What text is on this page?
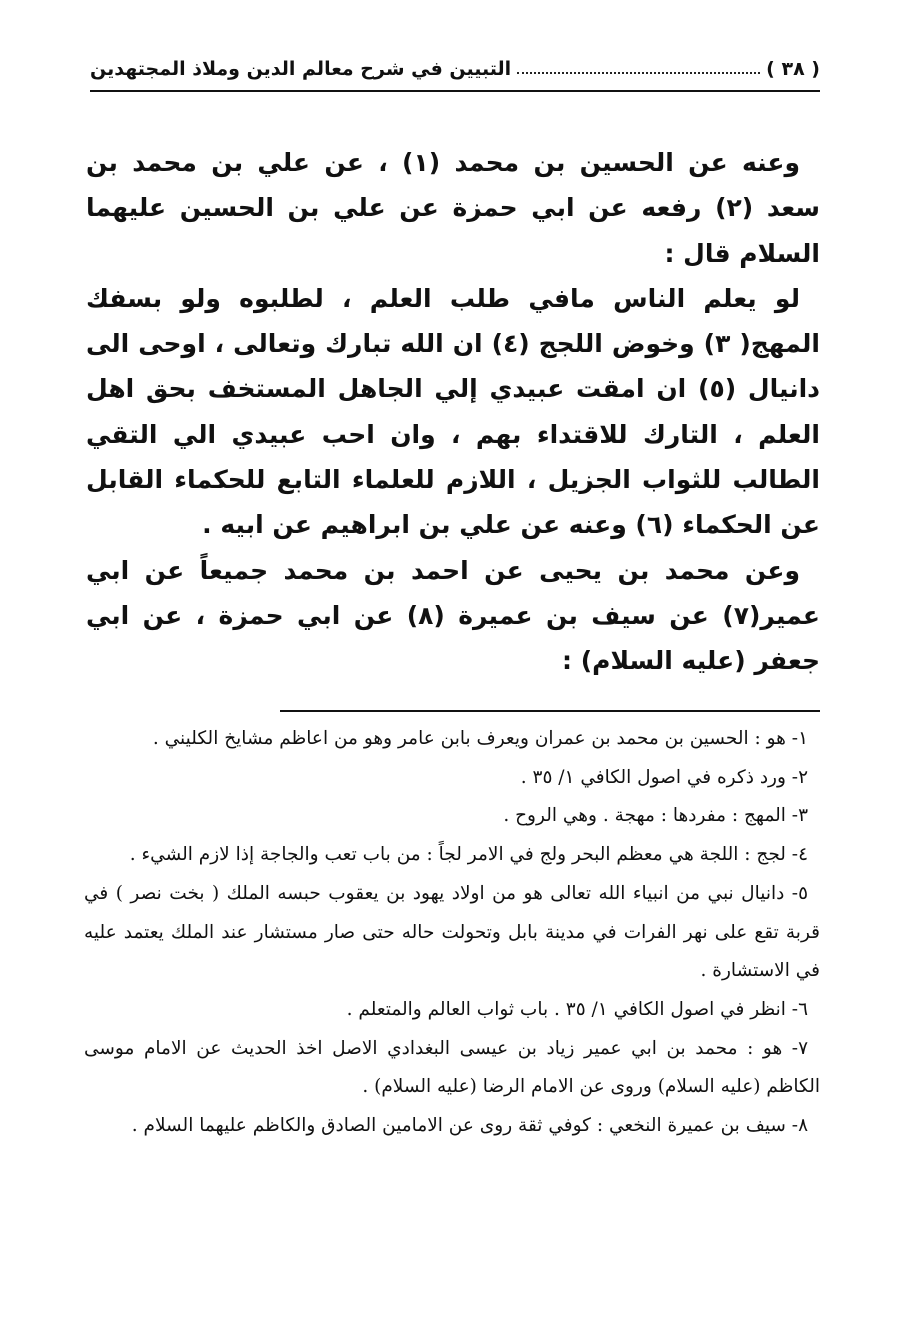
( ٣٨ )
التبيين في شرح معالم الدين وملاذ المجتهدين

وعنه عن الحسين بن محمد (١) ، عن علي بن محمد بن سعد (٢) رفعه عن ابي حمزة عن علي بن الحسين عليهما السلام قال :

لو يعلم الناس مافي طلب العلم ، لطلبوه ولو بسفك المهج( ٣) وخوض اللجج (٤) ان الله تبارك وتعالى ، اوحى الى دانيال (٥) ان امقت عبيدي إلي الجاهل المستخف بحق اهل العلم ، التارك للاقتداء بهم ، وان احب عبيدي الي التقي الطالب للثواب الجزيل ، اللازم للعلماء التابع للحكماء القابل عن الحكماء (٦) وعنه عن علي بن ابراهيم عن ابيه .

وعن محمد بن يحيى عن احمد بن محمد جميعاً عن ابي عمير(٧) عن سيف بن عميرة (٨) عن ابي حمزة ، عن ابي جعفر (عليه السلام) :

١- هو : الحسين بن محمد بن عمران ويعرف بابن عامر وهو من اعاظم مشايخ الكليني .

٢- ورد ذكره في اصول الكافي ١/ ٣٥ .

٣- المهج : مفردها : مهجة . وهي الروح .

٤- لجج : اللجة هي معظم البحر ولج في الامر لجاً : من باب تعب والجاجة إذا لازم الشيء .

٥- دانيال نبي من انبياء الله تعالى هو من اولاد يهود بن يعقوب حبسه الملك ( بخت نصر ) في قربة تقع على نهر الفرات في مدينة بابل وتحولت حاله حتى صار مستشار عند الملك يعتمد عليه في الاستشارة .

٦- انظر في اصول الكافي ١/ ٣٥ . باب ثواب العالم والمتعلم .

٧- هو : محمد بن ابي عمير زياد بن عيسى البغدادي الاصل اخذ الحديث عن الامام موسى الكاظم (عليه السلام) وروى عن الامام الرضا (عليه السلام) .

٨- سيف بن عميرة النخعي : كوفي ثقة روى عن الامامين الصادق والكاظم عليهما السلام .
